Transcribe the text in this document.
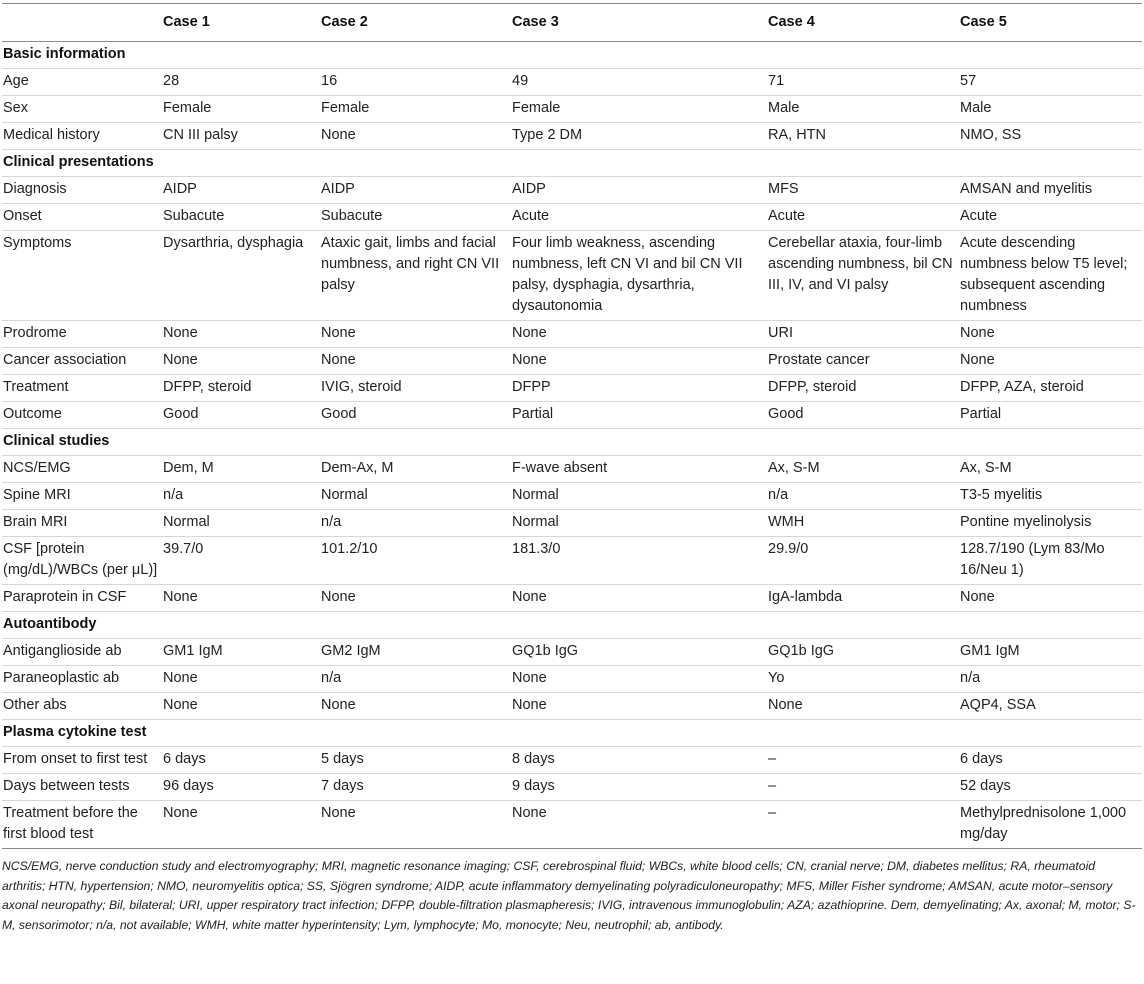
	Case 1	Case 2	Case 3	Case 4	Case 5
Basic information					
Age	28	16	49	71	57
Sex	Female	Female	Female	Male	Male
Medical history	CN III palsy	None	Type 2 DM	RA, HTN	NMO, SS
Clinical presentations					
Diagnosis	AIDP	AIDP	AIDP	MFS	AMSAN and myelitis
Onset	Subacute	Subacute	Acute	Acute	Acute
Symptoms	Dysarthria, dysphagia	Ataxic gait, limbs and facial numbness, and right CN VII palsy	Four limb weakness, ascending numbness, left CN VI and bil CN VII palsy, dysphagia, dysarthria, dysautonomia	Cerebellar ataxia, four-limb ascending numbness, bil CN III, IV, and VI palsy	Acute descending numbness below T5 level; subsequent ascending numbness
Prodrome	None	None	None	URI	None
Cancer association	None	None	None	Prostate cancer	None
Treatment	DFPP, steroid	IVIG, steroid	DFPP	DFPP, steroid	DFPP, AZA, steroid
Outcome	Good	Good	Partial	Good	Partial
Clinical studies					
NCS/EMG	Dem, M	Dem-Ax, M	F-wave absent	Ax, S-M	Ax, S-M
Spine MRI	n/a	Normal	Normal	n/a	T3-5 myelitis
Brain MRI	Normal	n/a	Normal	WMH	Pontine myelinolysis
CSF [protein (mg/dL)/WBCs (per μL)]	39.7/0	101.2/10	181.3/0	29.9/0	128.7/190 (Lym 83/Mo 16/Neu 1)
Paraprotein in CSF	None	None	None	IgA-lambda	None
Autoantibody					
Antiganglioside ab	GM1 IgM	GM2 IgM	GQ1b IgG	GQ1b IgG	GM1 IgM
Paraneoplastic ab	None	n/a	None	Yo	n/a
Other abs	None	None	None	None	AQP4, SSA
Plasma cytokine test					
From onset to first test	6 days	5 days	8 days	–	6 days
Days between tests	96 days	7 days	9 days	–	52 days
Treatment before the first blood test	None	None	None	–	Methylprednisolone 1,000 mg/day
NCS/EMG, nerve conduction study and electromyography; MRI, magnetic resonance imaging; CSF, cerebrospinal fluid; WBCs, white blood cells; CN, cranial nerve; DM, diabetes mellitus; RA, rheumatoid arthritis; HTN, hypertension; NMO, neuromyelitis optica; SS, Sjögren syndrome; AIDP, acute inflammatory demyelinating polyradiculoneuropathy; MFS, Miller Fisher syndrome; AMSAN, acute motor–sensory axonal neuropathy; Bil, bilateral; URI, upper respiratory tract infection; DFPP, double-filtration plasmapheresis; IVIG, intravenous immunoglobulin; AZA; azathioprine. Dem, demyelinating; Ax, axonal; M, motor; S-M, sensorimotor; n/a, not available; WMH, white matter hyperintensity; Lym, lymphocyte; Mo, monocyte; Neu, neutrophil; ab, antibody.
